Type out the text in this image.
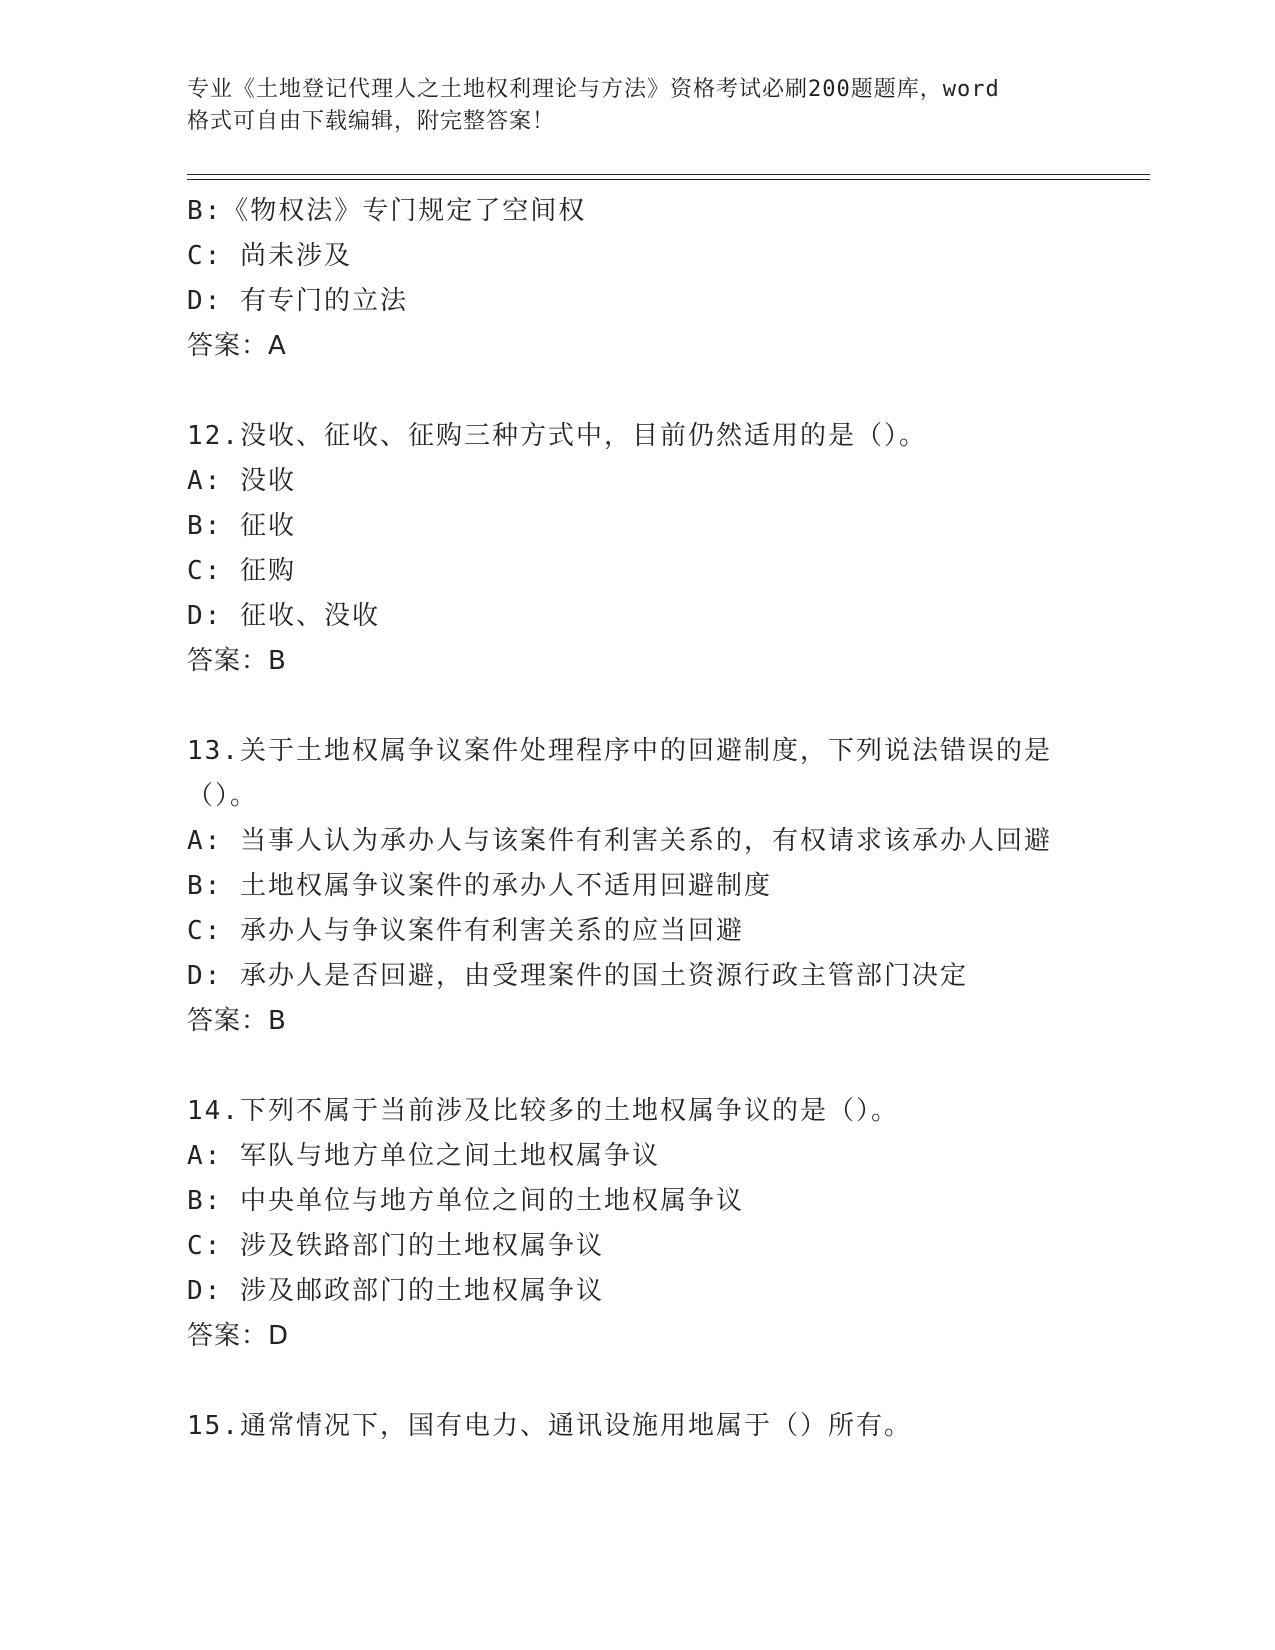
专业《土地登记代理人之土地权利理论与方法》资格考试必刷200题题库，word
格式可自由下载编辑，附完整答案！
B:《物权法》专门规定了空间权
C: 尚未涉及
D: 有专门的立法
答案：A
12.没收、征收、征购三种方式中，目前仍然适用的是（）。
A: 没收
B: 征收
C: 征购
D: 征收、没收
答案：B
13.关于土地权属争议案件处理程序中的回避制度，下列说法错误的是
（）。
A: 当事人认为承办人与该案件有利害关系的，有权请求该承办人回避
B: 土地权属争议案件的承办人不适用回避制度
C: 承办人与争议案件有利害关系的应当回避
D: 承办人是否回避，由受理案件的国土资源行政主管部门决定
答案：B
14.下列不属于当前涉及比较多的土地权属争议的是（）。
A: 军队与地方单位之间土地权属争议
B: 中央单位与地方单位之间的土地权属争议
C: 涉及铁路部门的土地权属争议
D: 涉及邮政部门的土地权属争议
答案：D
15.通常情况下，国有电力、通讯设施用地属于（）所有。
